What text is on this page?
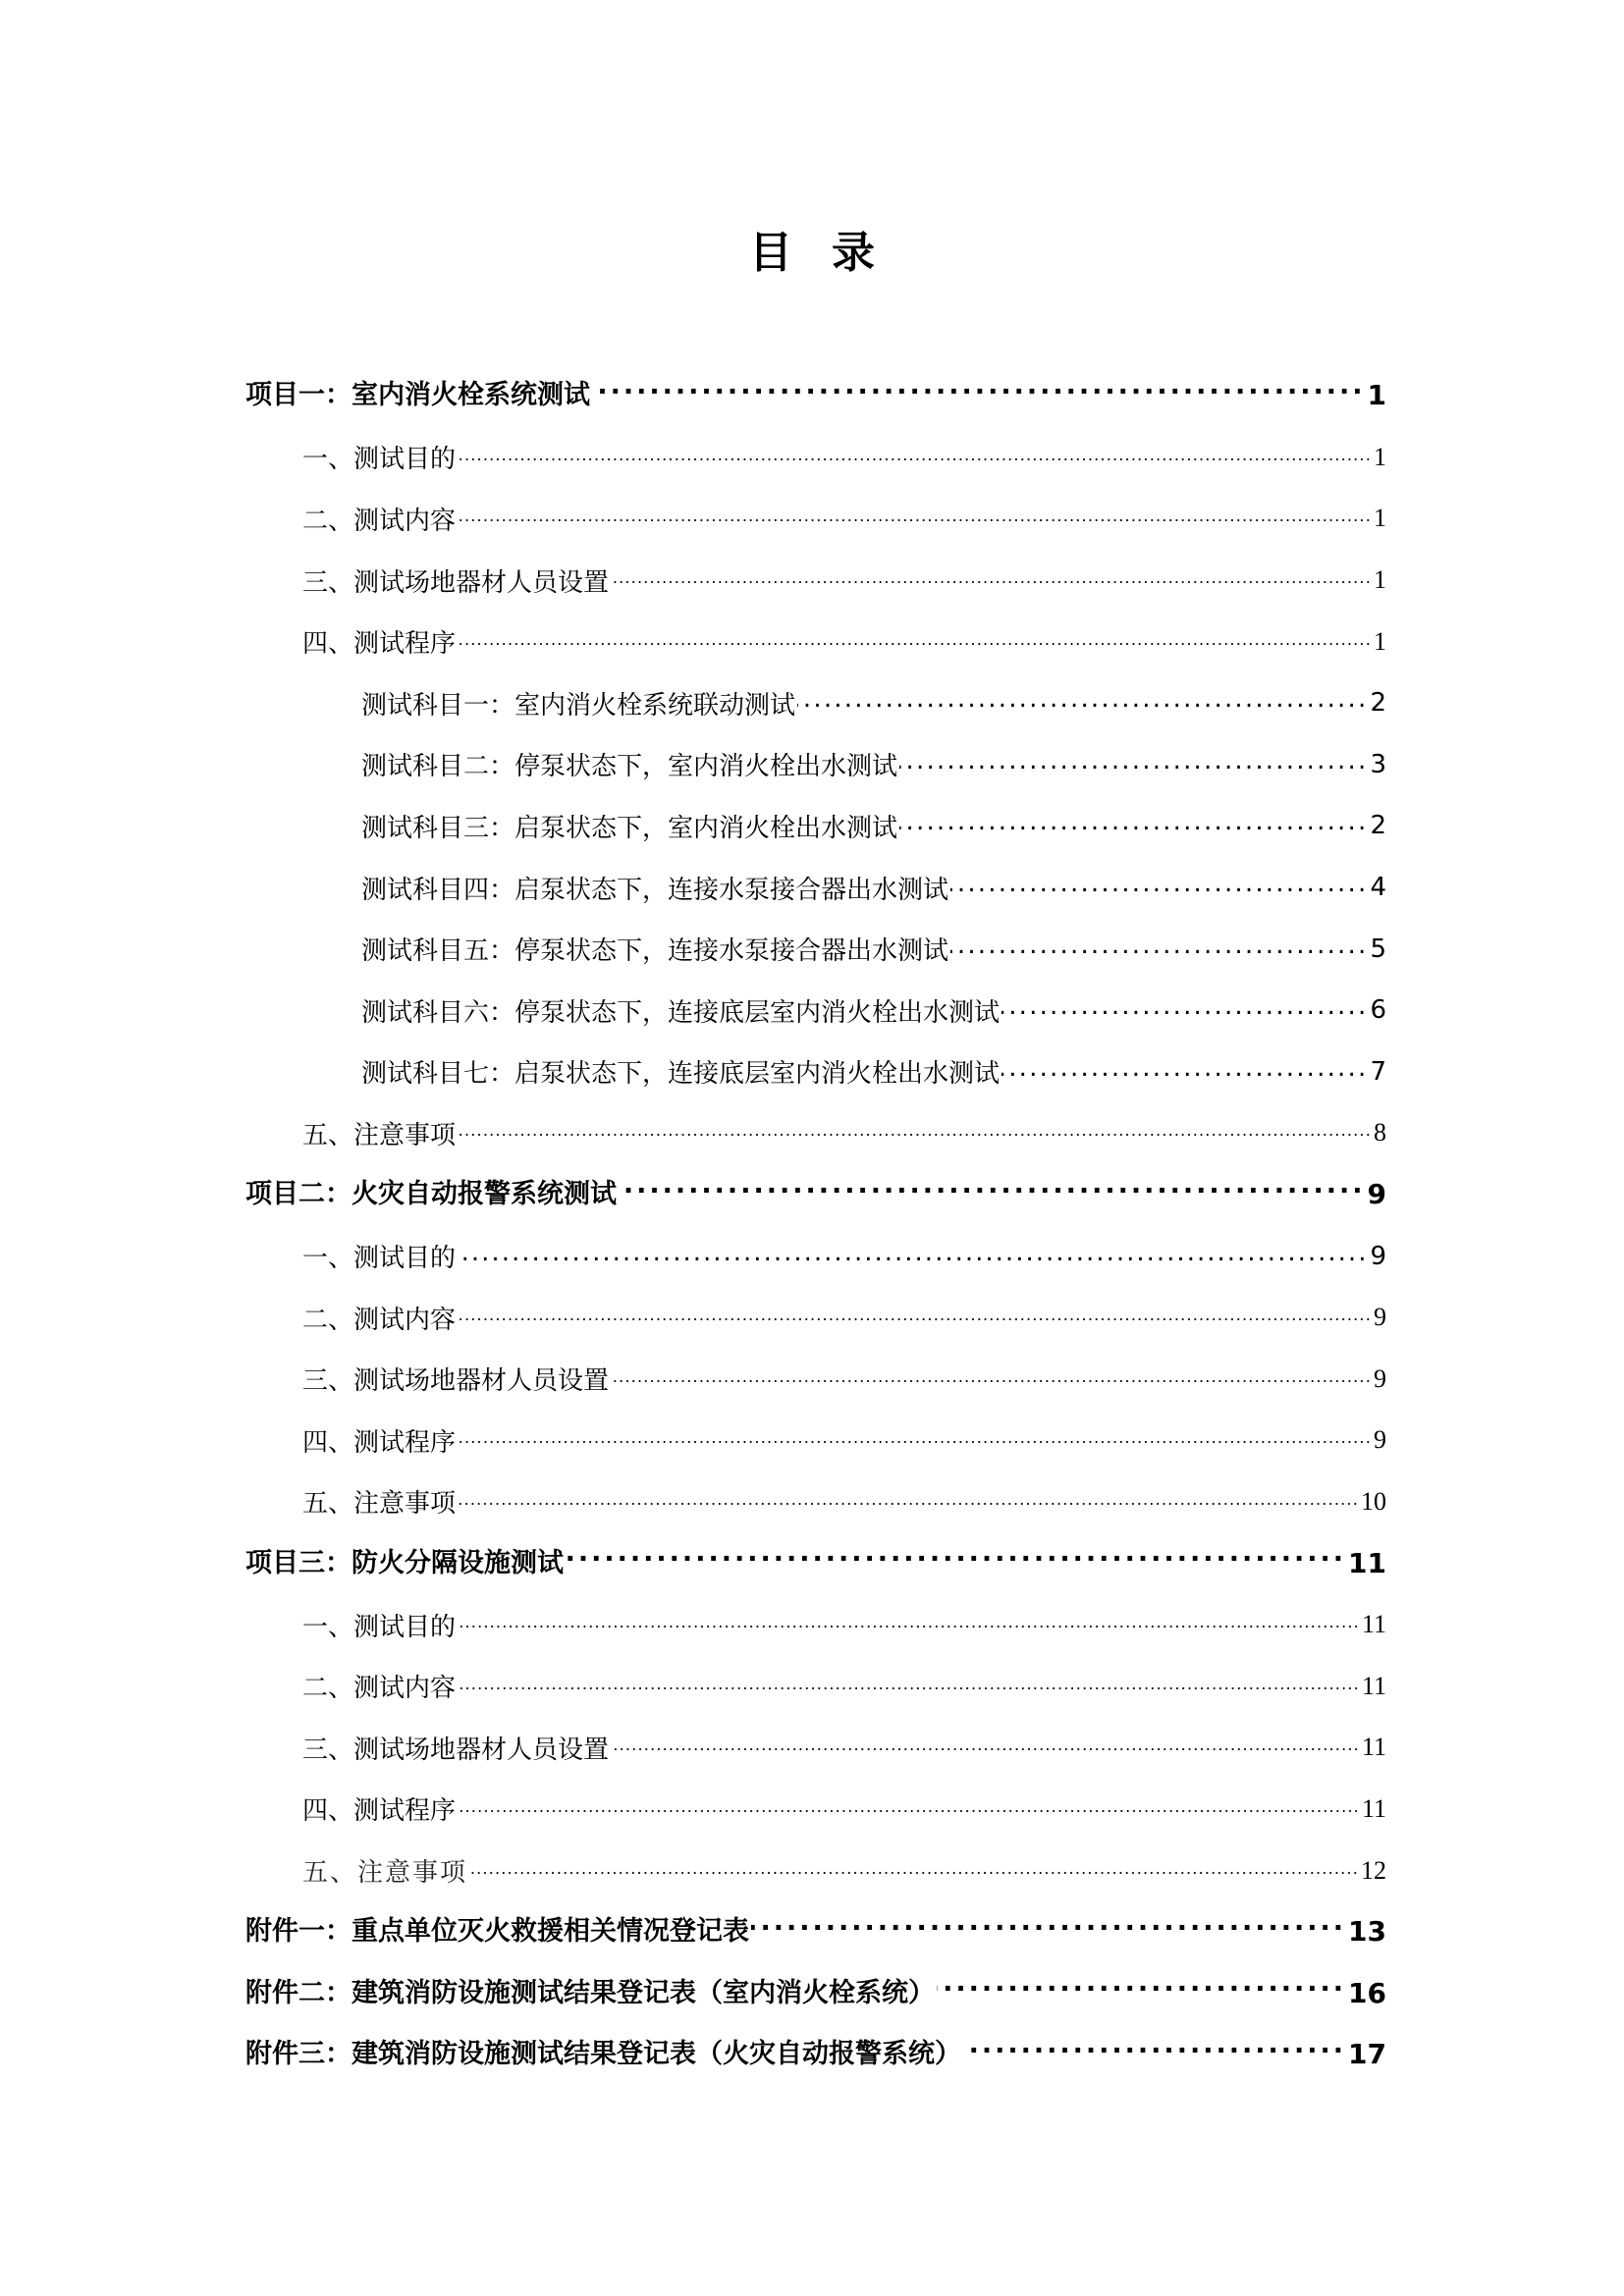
目录
项目一：室内消火栓系统测试 .....	1
一、测试目的 .....	1
二、测试内容 .....	1
三、测试场地器材人员设置 .....	1
四、测试程序 .....	1
测试科目一：室内消火栓系统联动测试 .....	2
测试科目二：停泵状态下，室内消火栓出水测试 .....	3
测试科目三：启泵状态下，室内消火栓出水测试 .....	2
测试科目四：启泵状态下，连接水泵接合器出水测试 .....	4
测试科目五：停泵状态下，连接水泵接合器出水测试 .....	5
测试科目六：停泵状态下，连接底层室内消火栓出水测试 .....	6
测试科目七：启泵状态下，连接底层室内消火栓出水测试 .....	7
五、注意事项 .....	8
项目二：火灾自动报警系统测试 .....	9
一、测试目的 .....	9
二、测试内容 .....	9
三、测试场地器材人员设置 .....	9
四、测试程序 .....	9
五、注意事项 .....	10
项目三：防火分隔设施测试 .....	11
一、测试目的 .....	11
二、测试内容 .....	11
三、测试场地器材人员设置 .....	11
四、测试程序 .....	11
五、注意事项 .....	12
附件一：重点单位灭火救援相关情况登记表 .....	13
附件二：建筑消防设施测试结果登记表（室内消火栓系统） .....	16
附件三：建筑消防设施测试结果登记表（火灾自动报警系统） .....	17
